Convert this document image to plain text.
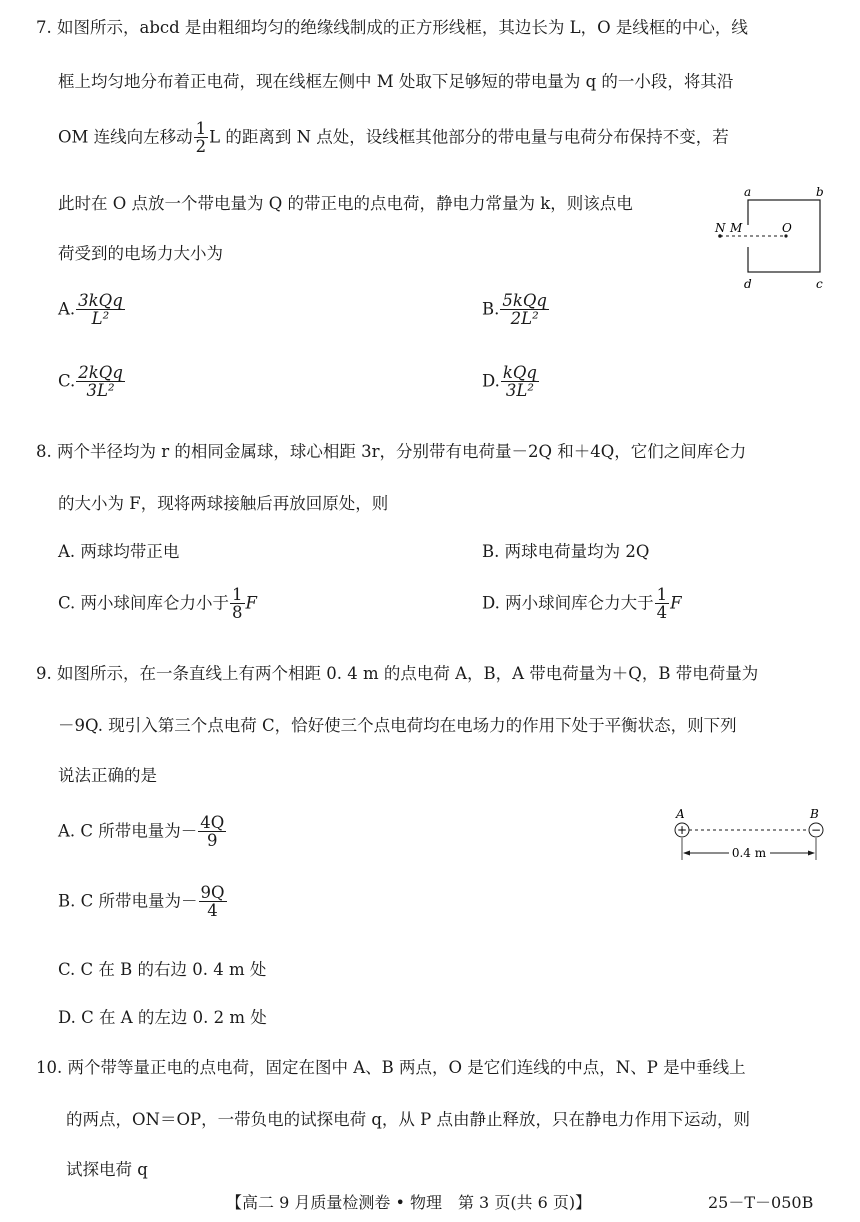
7. 如图所示，abcd 是由粗细均匀的绝缘线制成的正方形线框，其边长为 L，O 是线框的中心，线
框上均匀地分布着正电荷，现在线框左侧中 M 处取下足够短的带电量为 q 的一小段，将其沿
OM 连线向左移动 $\frac{1}{2}$ L 的距离到 N 点处，设线框其他部分的带电量与电荷分布保持不变，若
此时在 O 点放一个带电量为 Q 的带正电的点电荷，静电力常量为 k，则该点电
荷受到的电场力大小为
a	b
c
d
N M	O
A. $\frac{\text{3kQq}}{\text{L²}}$	B. $\frac{\text{5kQq}}{\text{2L²}}$
C. $\frac{\text{2kQq}}{\text{3L²}}$	D. $\frac{\text{kQq}}{\text{3L²}}$
8. 两个半径均为 r 的相同金属球，球心相距 3r，分别带有电荷量－2Q 和＋4Q，它们之间库仑力
的大小为 F，现将两球接触后再放回原处，则
A. 两球均带正电	B. 两球电荷量均为 2Q
C. 两小球间库仑力小于 $\frac{1}{8}$ F	D. 两小球间库仑力大于 $\frac{1}{4}$ F
9. 如图所示，在一条直线上有两个相距 0. 4 m 的点电荷 A，B，A 带电荷量为＋Q，B 带电荷量为
－9Q. 现引入第三个点电荷 C，恰好使三个点电荷均在电场力的作用下处于平衡状态，则下列
说法正确的是
A. C 所带电量为－ $\frac{4Q}{9}$
B. C 所带电量为－ $\frac{9Q}{4}$
C. C 在 B 的右边 0. 4 m 处
D. C 在 A 的左边 0. 2 m 处
A	B
+	−
0.4 m
10. 两个带等量正电的点电荷，固定在图中 A、B 两点，O 是它们连线的中点，N、P 是中垂线上
的两点，ON＝OP，一带负电的试探电荷 q，从 P 点由静止释放，只在静电力作用下运动，则
试探电荷 q
【高二 9 月质量检测卷 • 物理　第 3 页(共 6 页)】	25－T－050B
